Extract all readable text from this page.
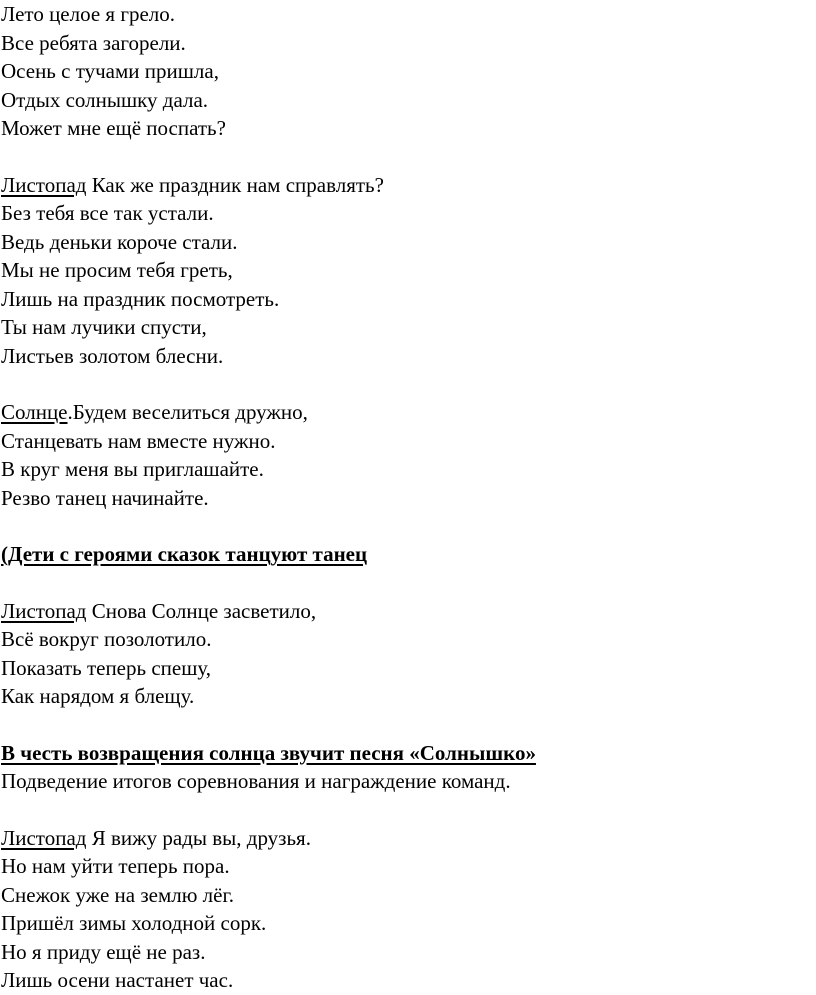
Лето целое я грело.
Все ребята загорели.
Осень с тучами пришла,
Отдых солнышку дала.
Может мне ещё поспать?
Листопад Как же праздник нам справлять?
Без тебя все так устали.
Ведь деньки короче стали.
Мы не просим тебя греть,
Лишь на праздник посмотреть.
Ты нам лучики спусти,
Листьев золотом блесни.
Солнце.Будем веселиться дружно,
Станцевать нам вместе нужно.
В круг меня вы приглашайте.
Резво танец начинайте.
(Дети с героями сказок танцуют танец
Листопад Снова Солнце засветило,
Всё вокруг позолотило.
Показать теперь спешу,
Как нарядом я блещу.
В честь возвращения солнца звучит песня «Солнышко»
Подведение итогов соревнования и награждение команд.
Листопад Я вижу рады вы, друзья.
Но нам уйти теперь пора.
Снежок уже на землю лёг.
Пришёл зимы холодной сорк.
Но я приду ещё не раз.
Лишь осени настанет час.
